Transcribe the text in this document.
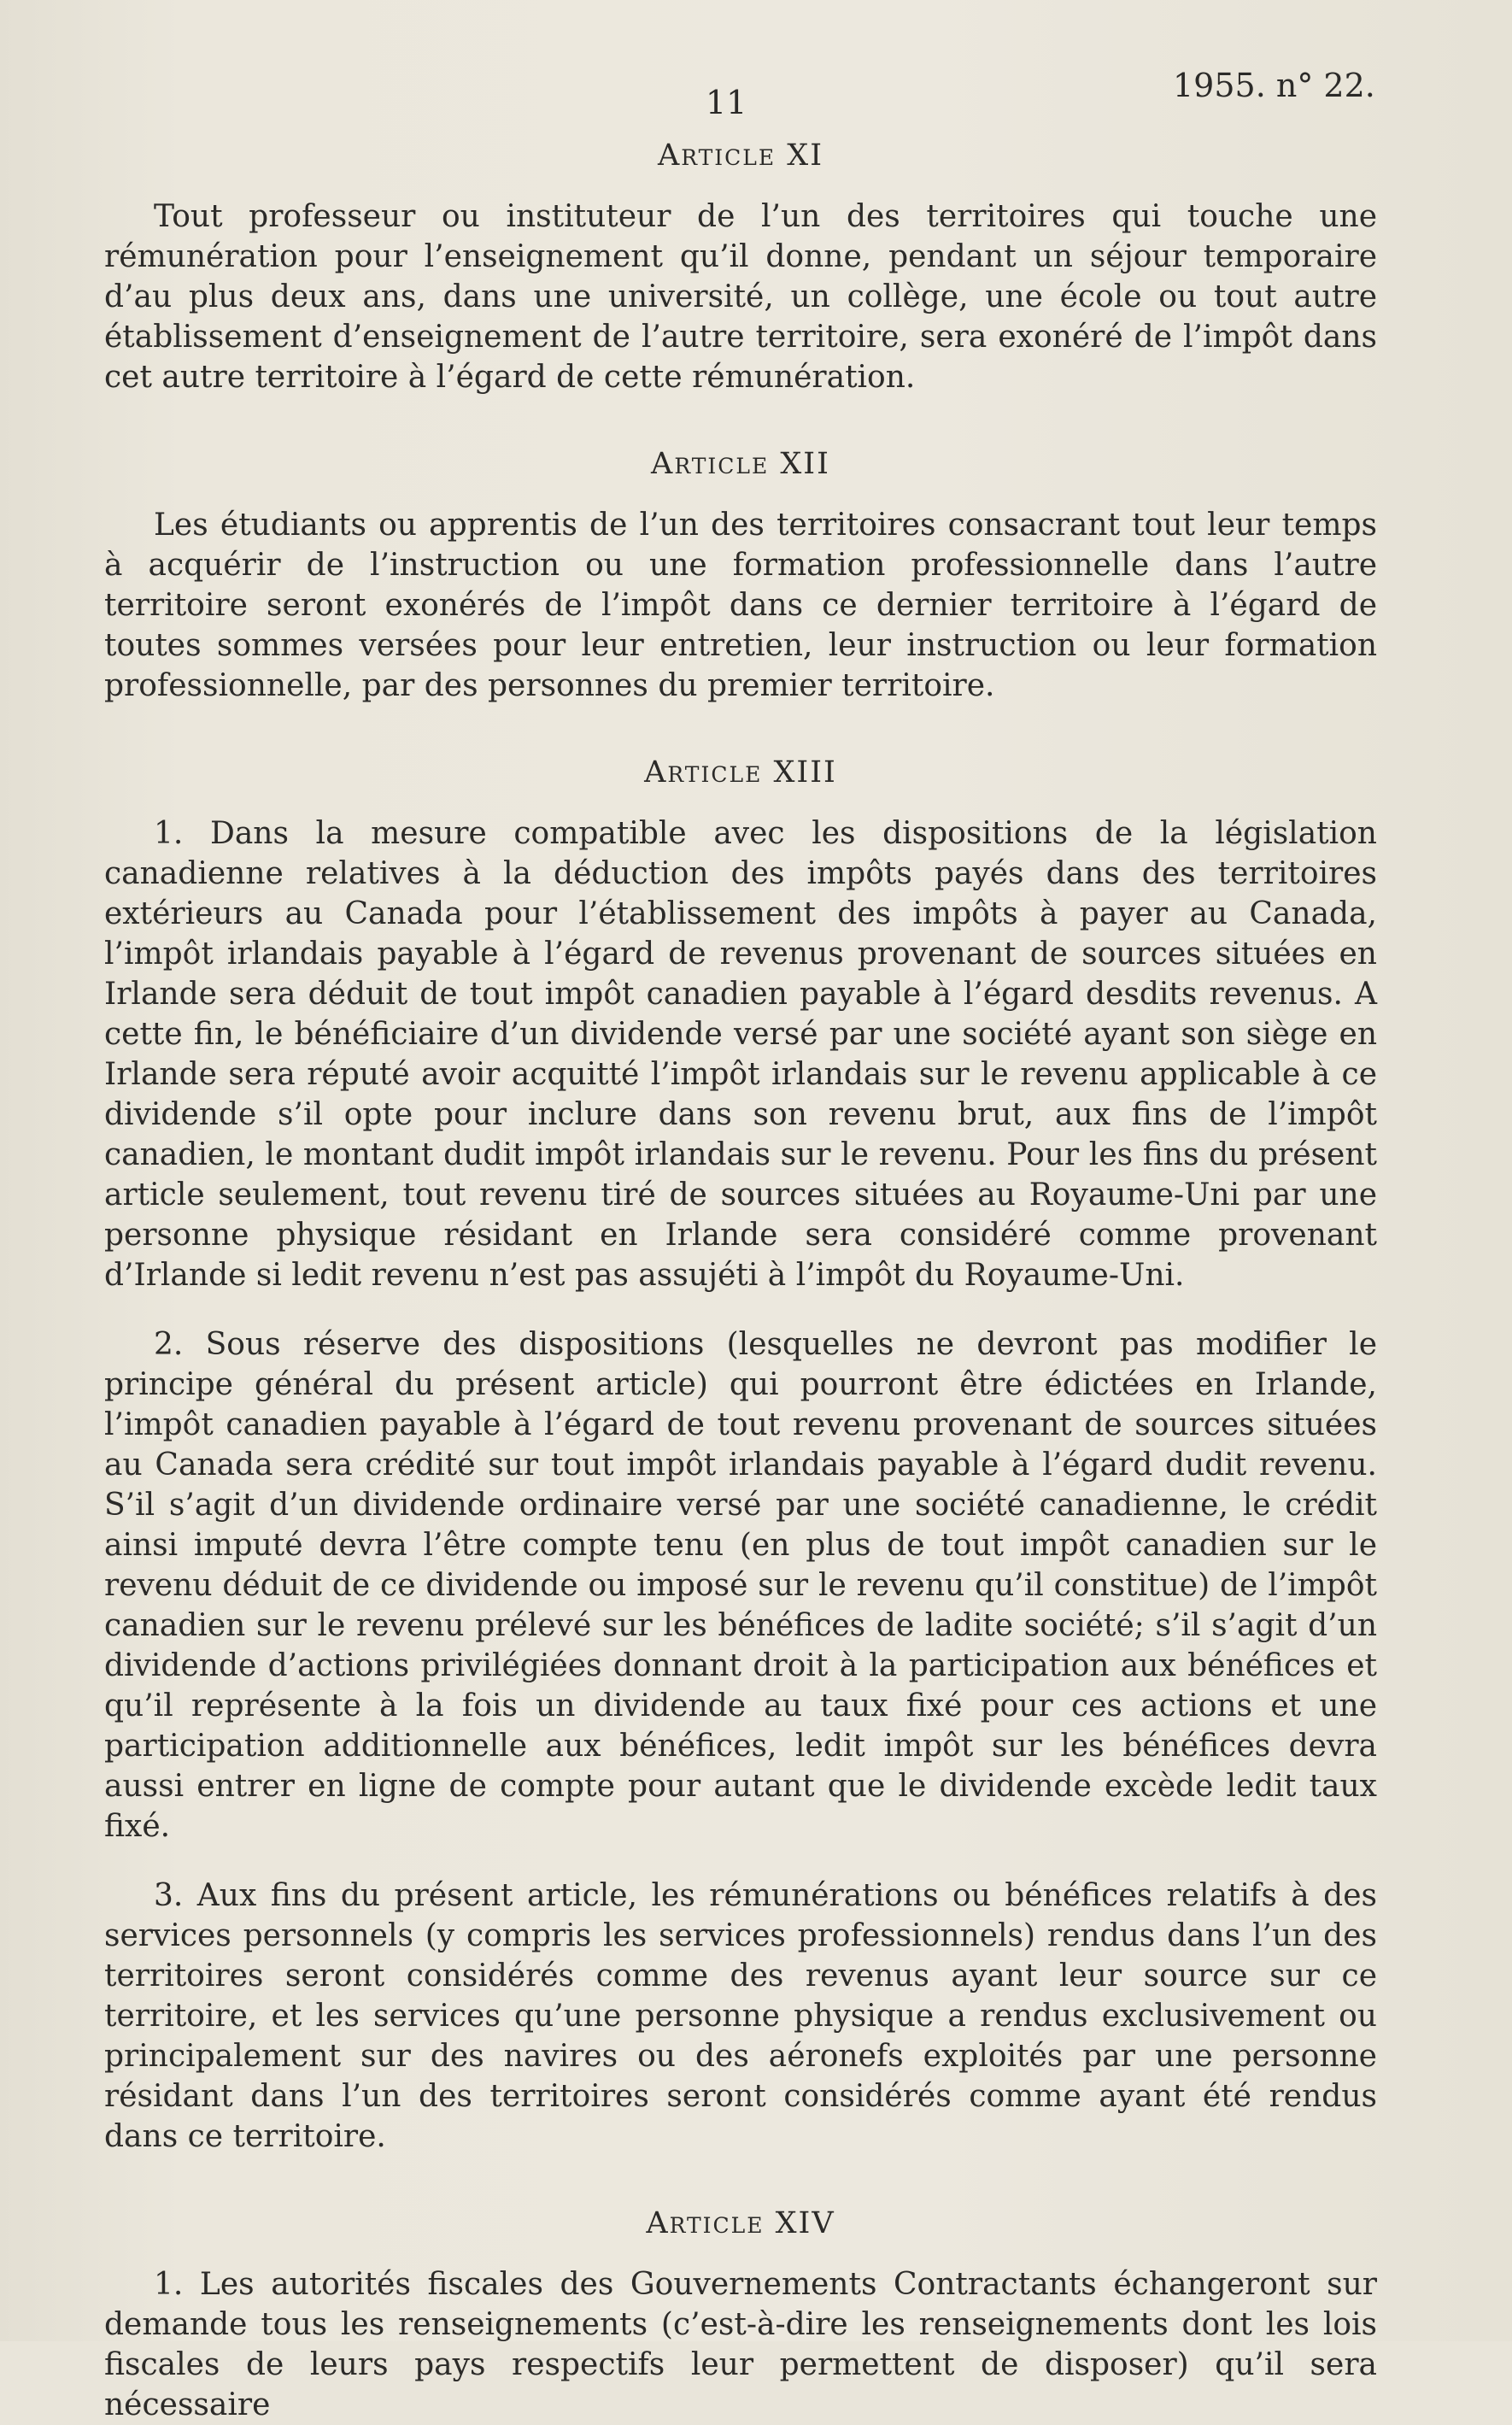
11	1955. n° 22.
Article XI

Tout professeur ou instituteur de l’un des territoires qui touche une rémunération pour l’enseignement qu’il donne, pendant un séjour temporaire d’au plus deux ans, dans une université, un collège, une école ou tout autre établissement d’enseignement de l’autre territoire, sera exonéré de l’impôt dans cet autre territoire à l’égard de cette rémunération.

Article XII

Les étudiants ou apprentis de l’un des territoires consacrant tout leur temps à acquérir de l’instruction ou une formation professionnelle dans l’autre territoire seront exonérés de l’impôt dans ce dernier territoire à l’égard de toutes sommes versées pour leur entretien, leur instruction ou leur formation professionnelle, par des personnes du premier territoire.

Article XIII

1. Dans la mesure compatible avec les dispositions de la législation canadienne relatives à la déduction des impôts payés dans des territoires extérieurs au Canada pour l’établissement des impôts à payer au Canada, l’impôt irlandais payable à l’égard de revenus provenant de sources situées en Irlande sera déduit de tout impôt canadien payable à l’égard desdits revenus. A cette fin, le bénéficiaire d’un dividende versé par une société ayant son siège en Irlande sera réputé avoir acquitté l’impôt irlandais sur le revenu applicable à ce dividende s’il opte pour inclure dans son revenu brut, aux fins de l’impôt canadien, le montant dudit impôt irlandais sur le revenu. Pour les fins du présent article seulement, tout revenu tiré de sources situées au Royaume-Uni par une personne physique résidant en Irlande sera considéré comme provenant d’Irlande si ledit revenu n’est pas assujéti à l’impôt du Royaume-Uni.

2. Sous réserve des dispositions (lesquelles ne devront pas modifier le principe général du présent article) qui pourront être édictées en Irlande, l’impôt canadien payable à l’égard de tout revenu provenant de sources situées au Canada sera crédité sur tout impôt irlandais payable à l’égard dudit revenu. S’il s’agit d’un dividende ordinaire versé par une société canadienne, le crédit ainsi imputé devra l’être compte tenu (en plus de tout impôt canadien sur le revenu déduit de ce dividende ou imposé sur le revenu qu’il constitue) de l’impôt canadien sur le revenu prélevé sur les bénéfices de ladite société; s’il s’agit d’un dividende d’actions privilégiées donnant droit à la participation aux bénéfices et qu’il représente à la fois un dividende au taux fixé pour ces actions et une participation additionnelle aux bénéfices, ledit impôt sur les bénéfices devra aussi entrer en ligne de compte pour autant que le dividende excède ledit taux fixé.

3. Aux fins du présent article, les rémunérations ou bénéfices relatifs à des services personnels (y compris les services professionnels) rendus dans l’un des territoires seront considérés comme des revenus ayant leur source sur ce territoire, et les services qu’une personne physique a rendus exclusivement ou principalement sur des navires ou des aéronefs exploités par une personne résidant dans l’un des territoires seront considérés comme ayant été rendus dans ce territoire.

Article XIV

1. Les autorités fiscales des Gouvernements Contractants échangeront sur demande tous les renseignements (c’est-à-dire les renseignements dont les lois fiscales de leurs pays respectifs leur permettent de disposer) qu’il sera nécessaire
